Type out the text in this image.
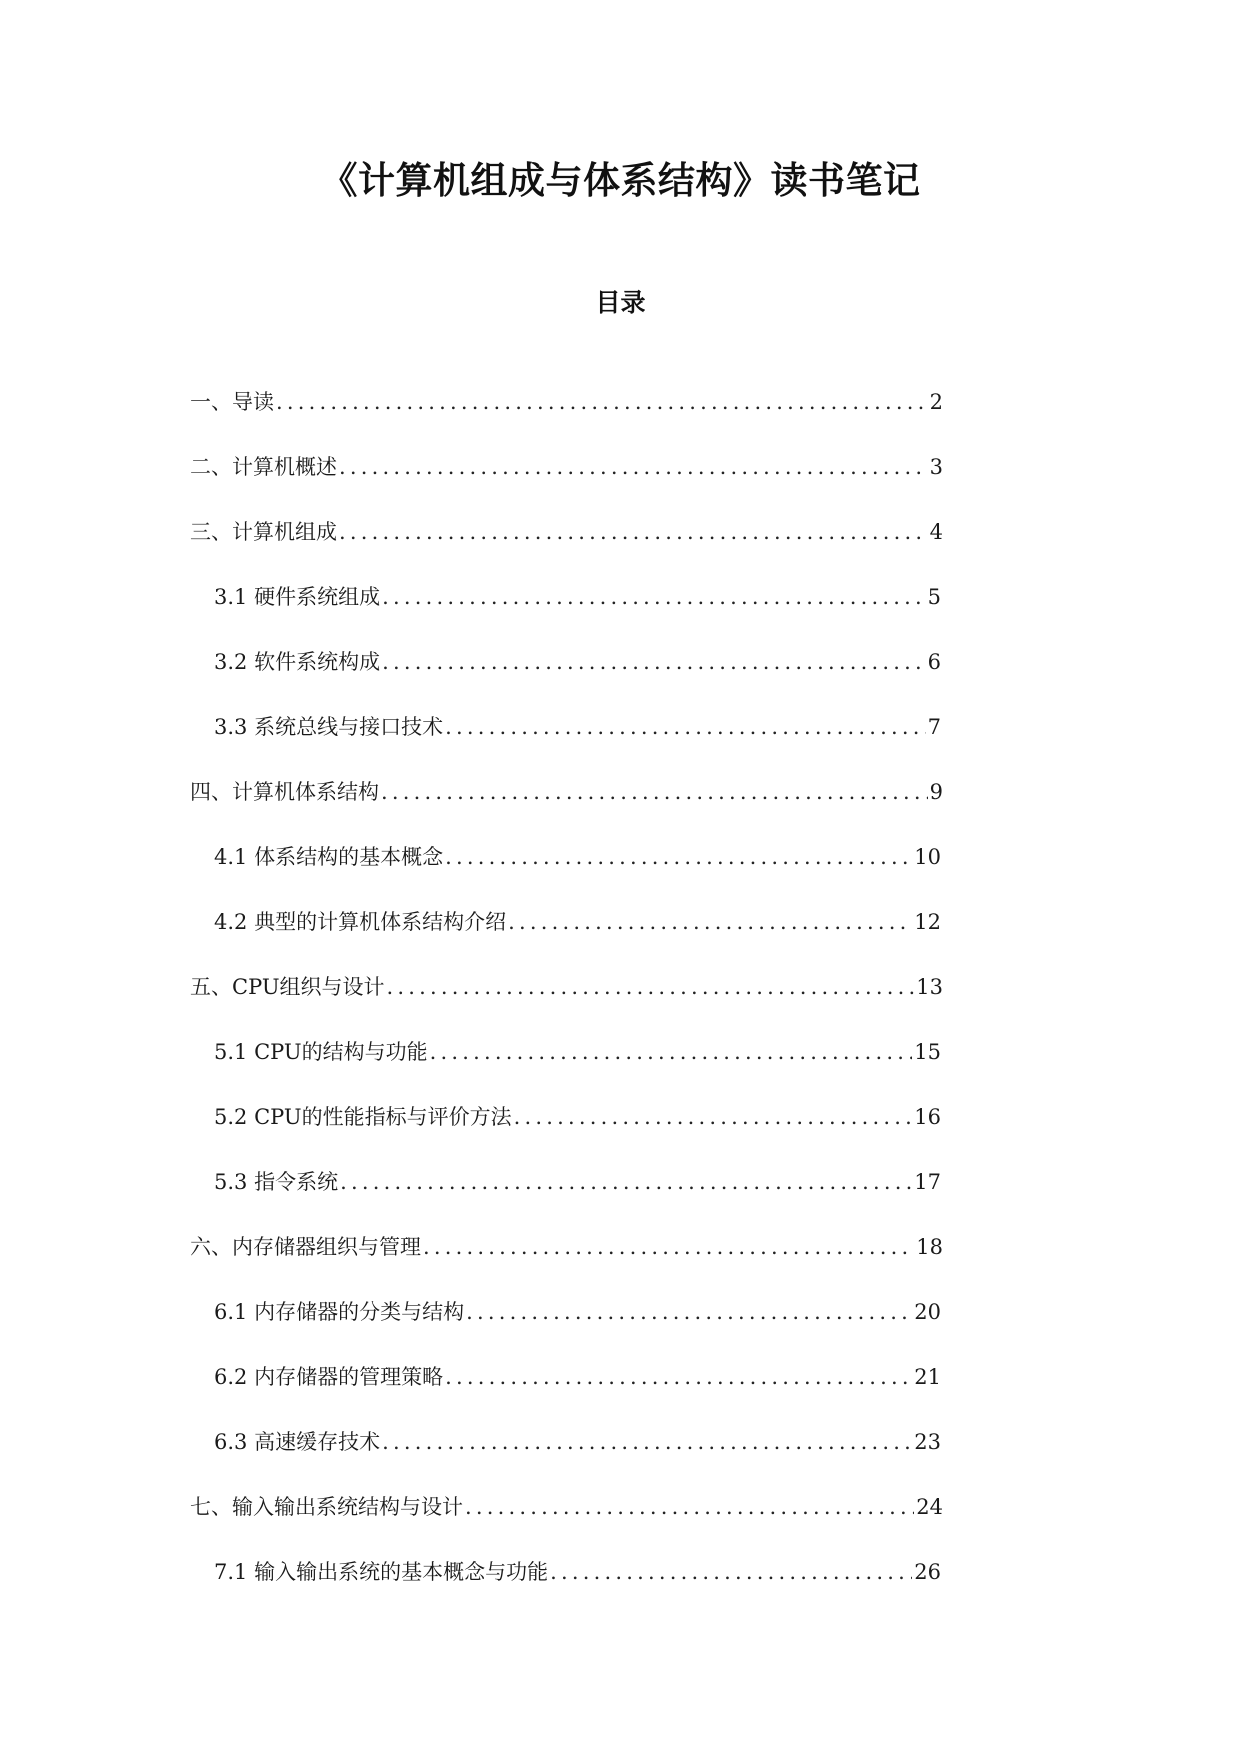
《计算机组成与体系结构》读书笔记
目录
一、导读 .....	2
二、计算机概述 .....	3
三、计算机组成 .....	4
3.1 硬件系统组成 .....	5
3.2 软件系统构成 .....	6
3.3 系统总线与接口技术 .....	7
四、计算机体系结构 .....	9
4.1 体系结构的基本概念 .....	10
4.2 典型的计算机体系结构介绍 .....	12
五、CPU组织与设计 .....	13
5.1 CPU的结构与功能 .....	15
5.2 CPU的性能指标与评价方法 .....	16
5.3 指令系统 .....	17
六、内存储器组织与管理 .....	18
6.1 内存储器的分类与结构 .....	20
6.2 内存储器的管理策略 .....	21
6.3 高速缓存技术 .....	23
七、输入输出系统结构与设计 .....	24
7.1 输入输出系统的基本概念与功能 .....	26
